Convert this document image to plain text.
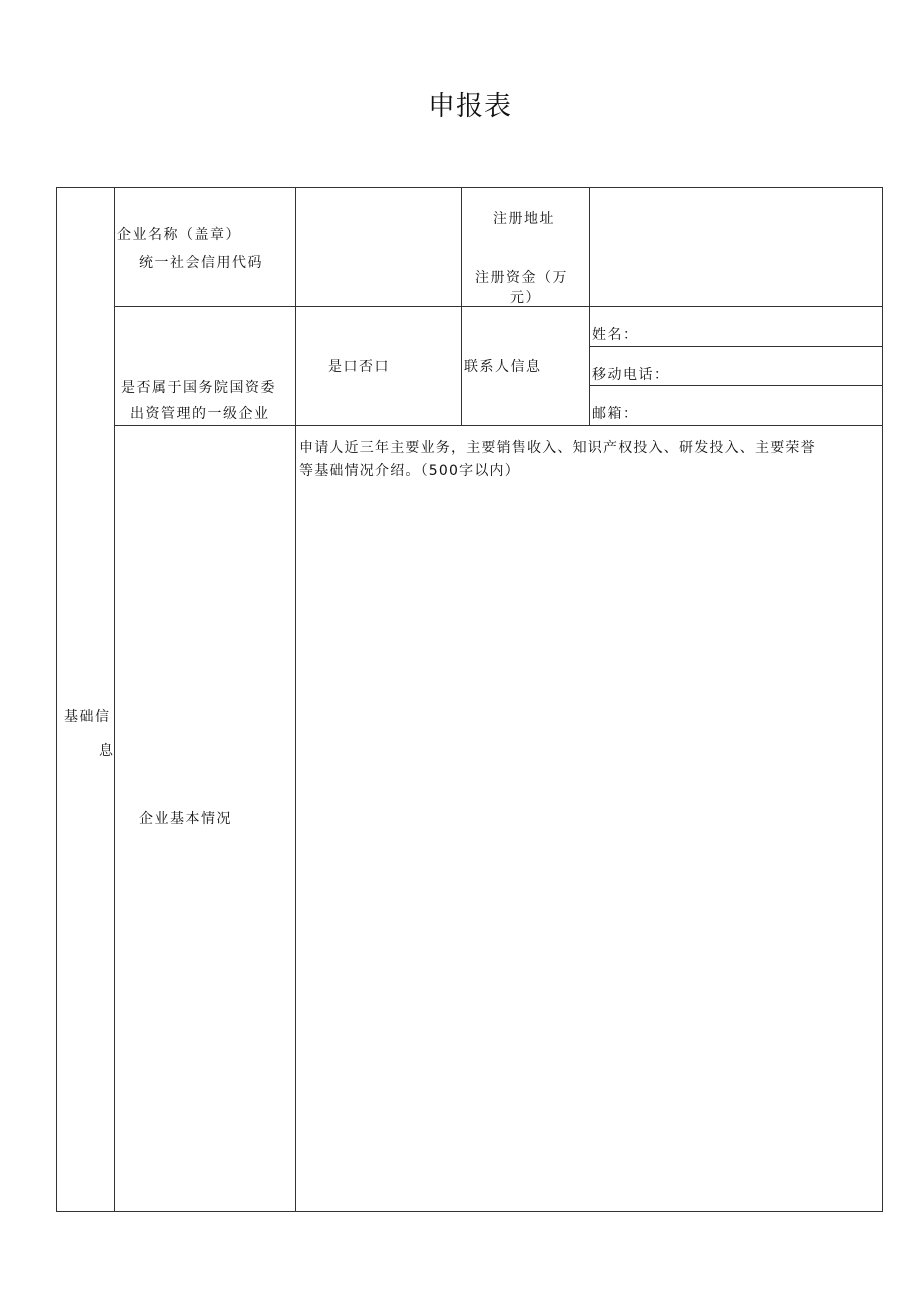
申报表
基础信
息
企业名称（盖章）
统一社会信用代码
注册地址
注册资金（万
元）
是否属于国务院国资委
出资管理的一级企业
是口否口	联系人信息
姓名：
移动电话：
邮箱：
企业基本情况
申请人近三年主要业务，主要销售收入、知识产权投入、研发投入、主要荣誉
等基础情况介绍。（500字以内）
